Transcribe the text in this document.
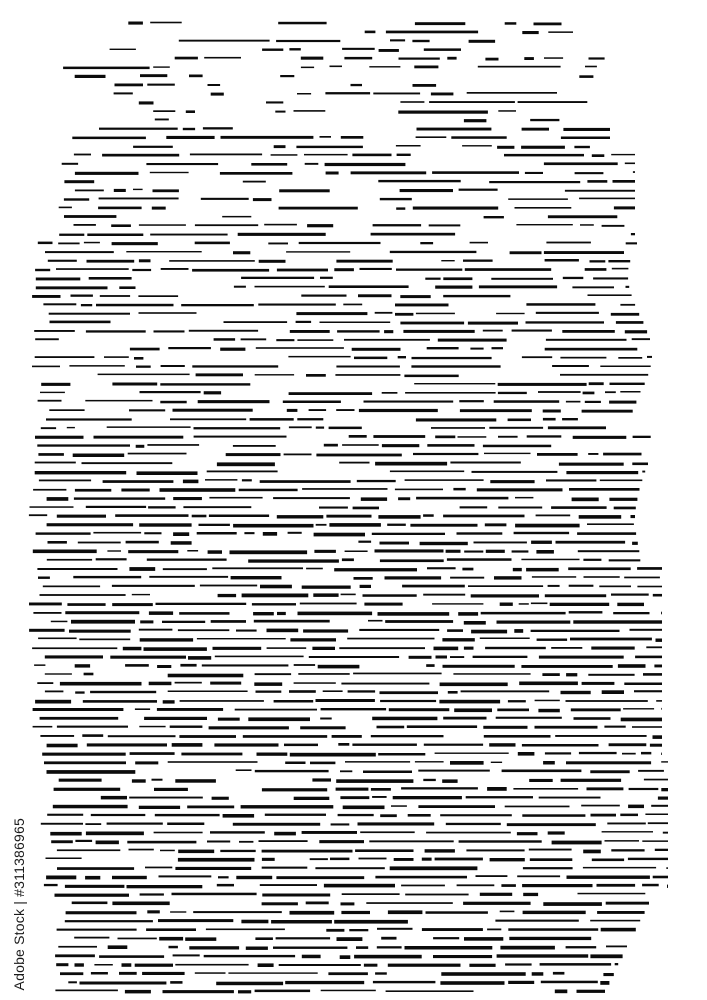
Adobe Stock | #311386965
